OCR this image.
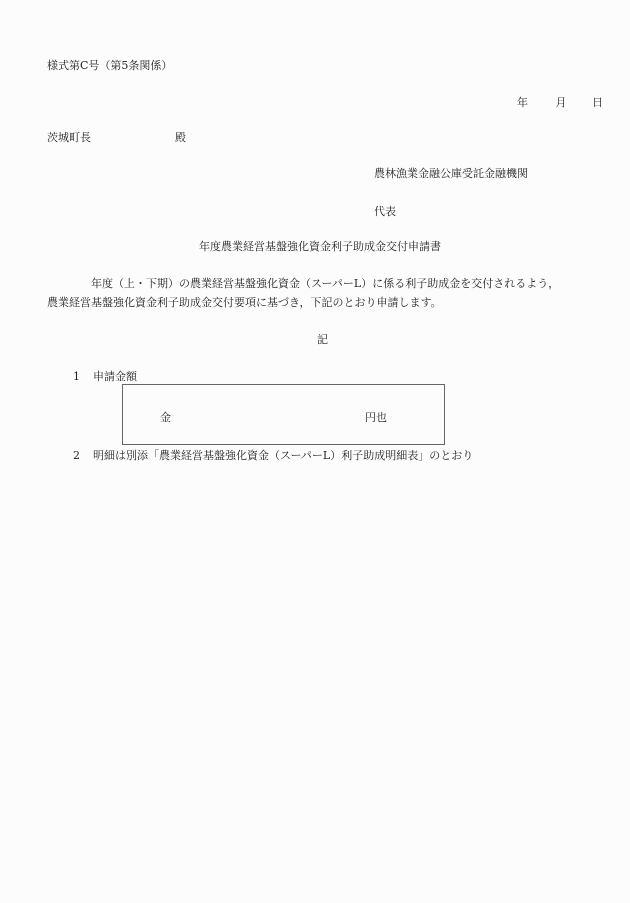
様式第C号（第5条関係）
年	月 日
茨城町長	殿
農林漁業金融公庫受託金融機関
代表
年度農業経営基盤強化資金利子助成金交付申請書
年度（上・下期）の農業経営基盤強化資金（スーパーL）に係る利子助成金を交付されるよう，
農業経営基盤強化資金利子助成金交付要項に基づき，下記のとおり申請します。
記
1 申請金額
金	円也
2 明細は別添「農業経営基盤強化資金（スーパーL）利子助成明細表」のとおり
